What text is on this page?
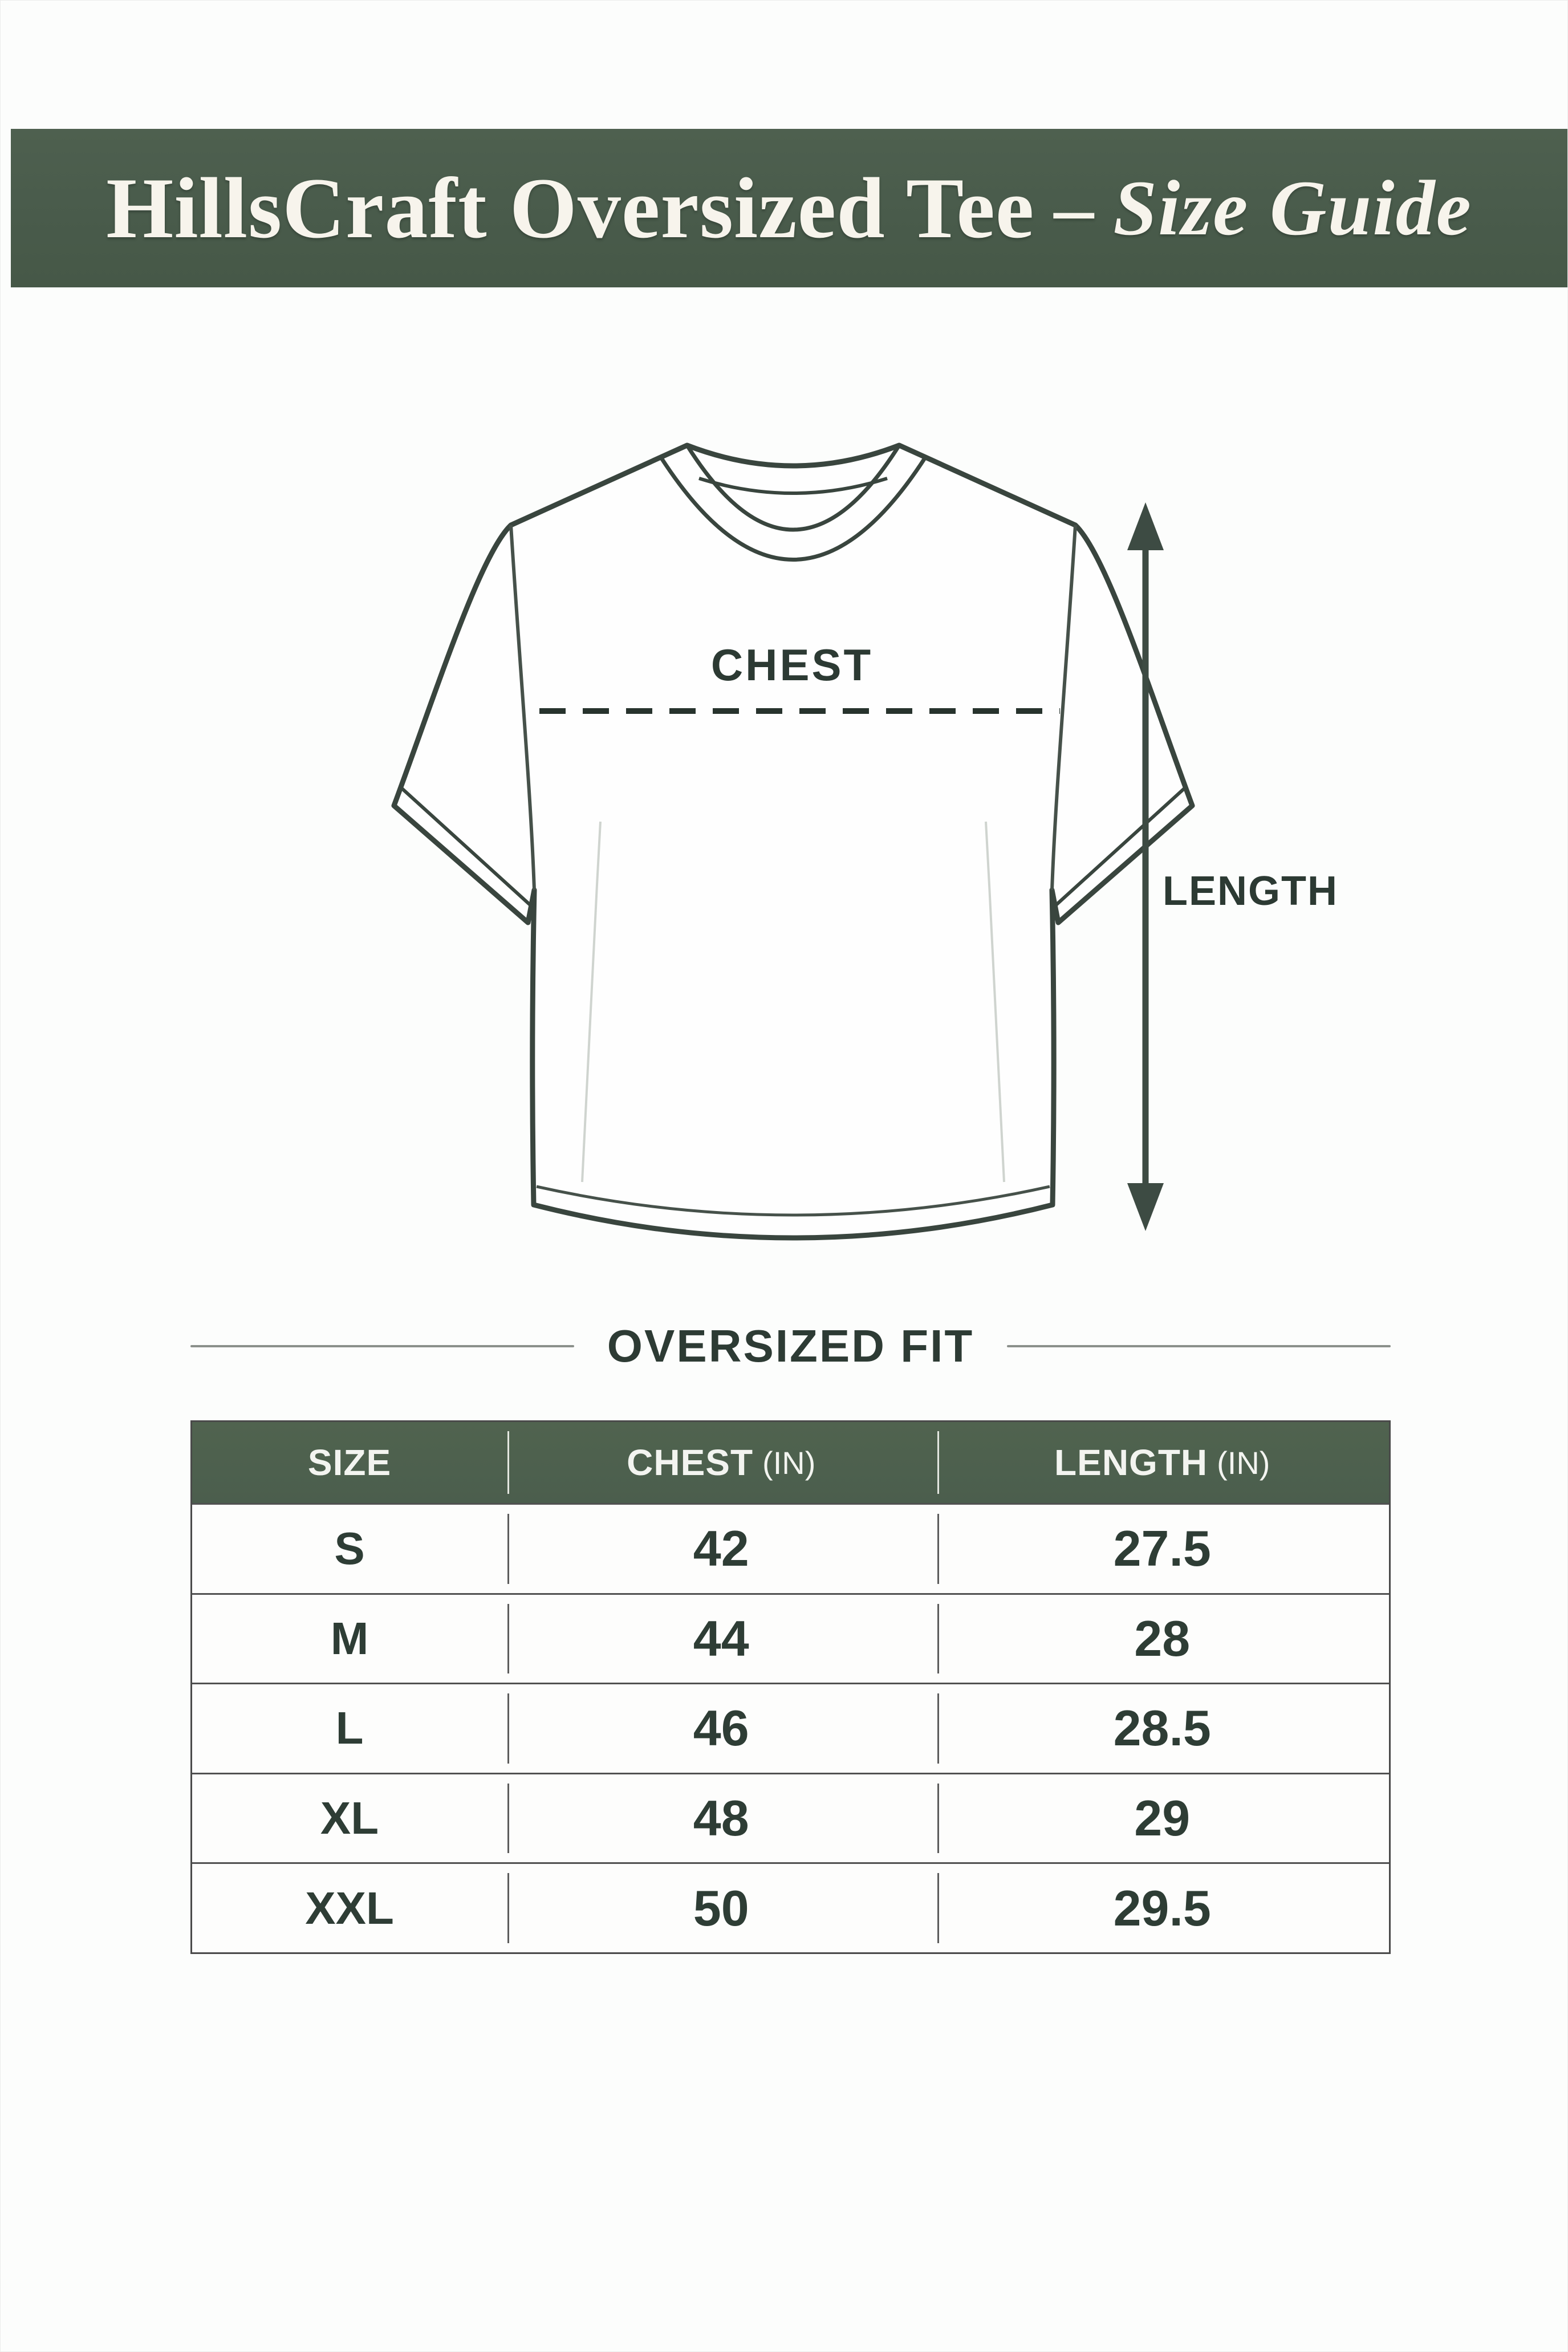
HillsCraft Oversized Tee – Size Guide
CHEST
LENGTH
OVERSIZED FIT
SIZE	CHEST (IN)	LENGTH (IN)
S	42	27.5
M	44	28
L	46	28.5
XL	48	29
XXL	50	29.5
